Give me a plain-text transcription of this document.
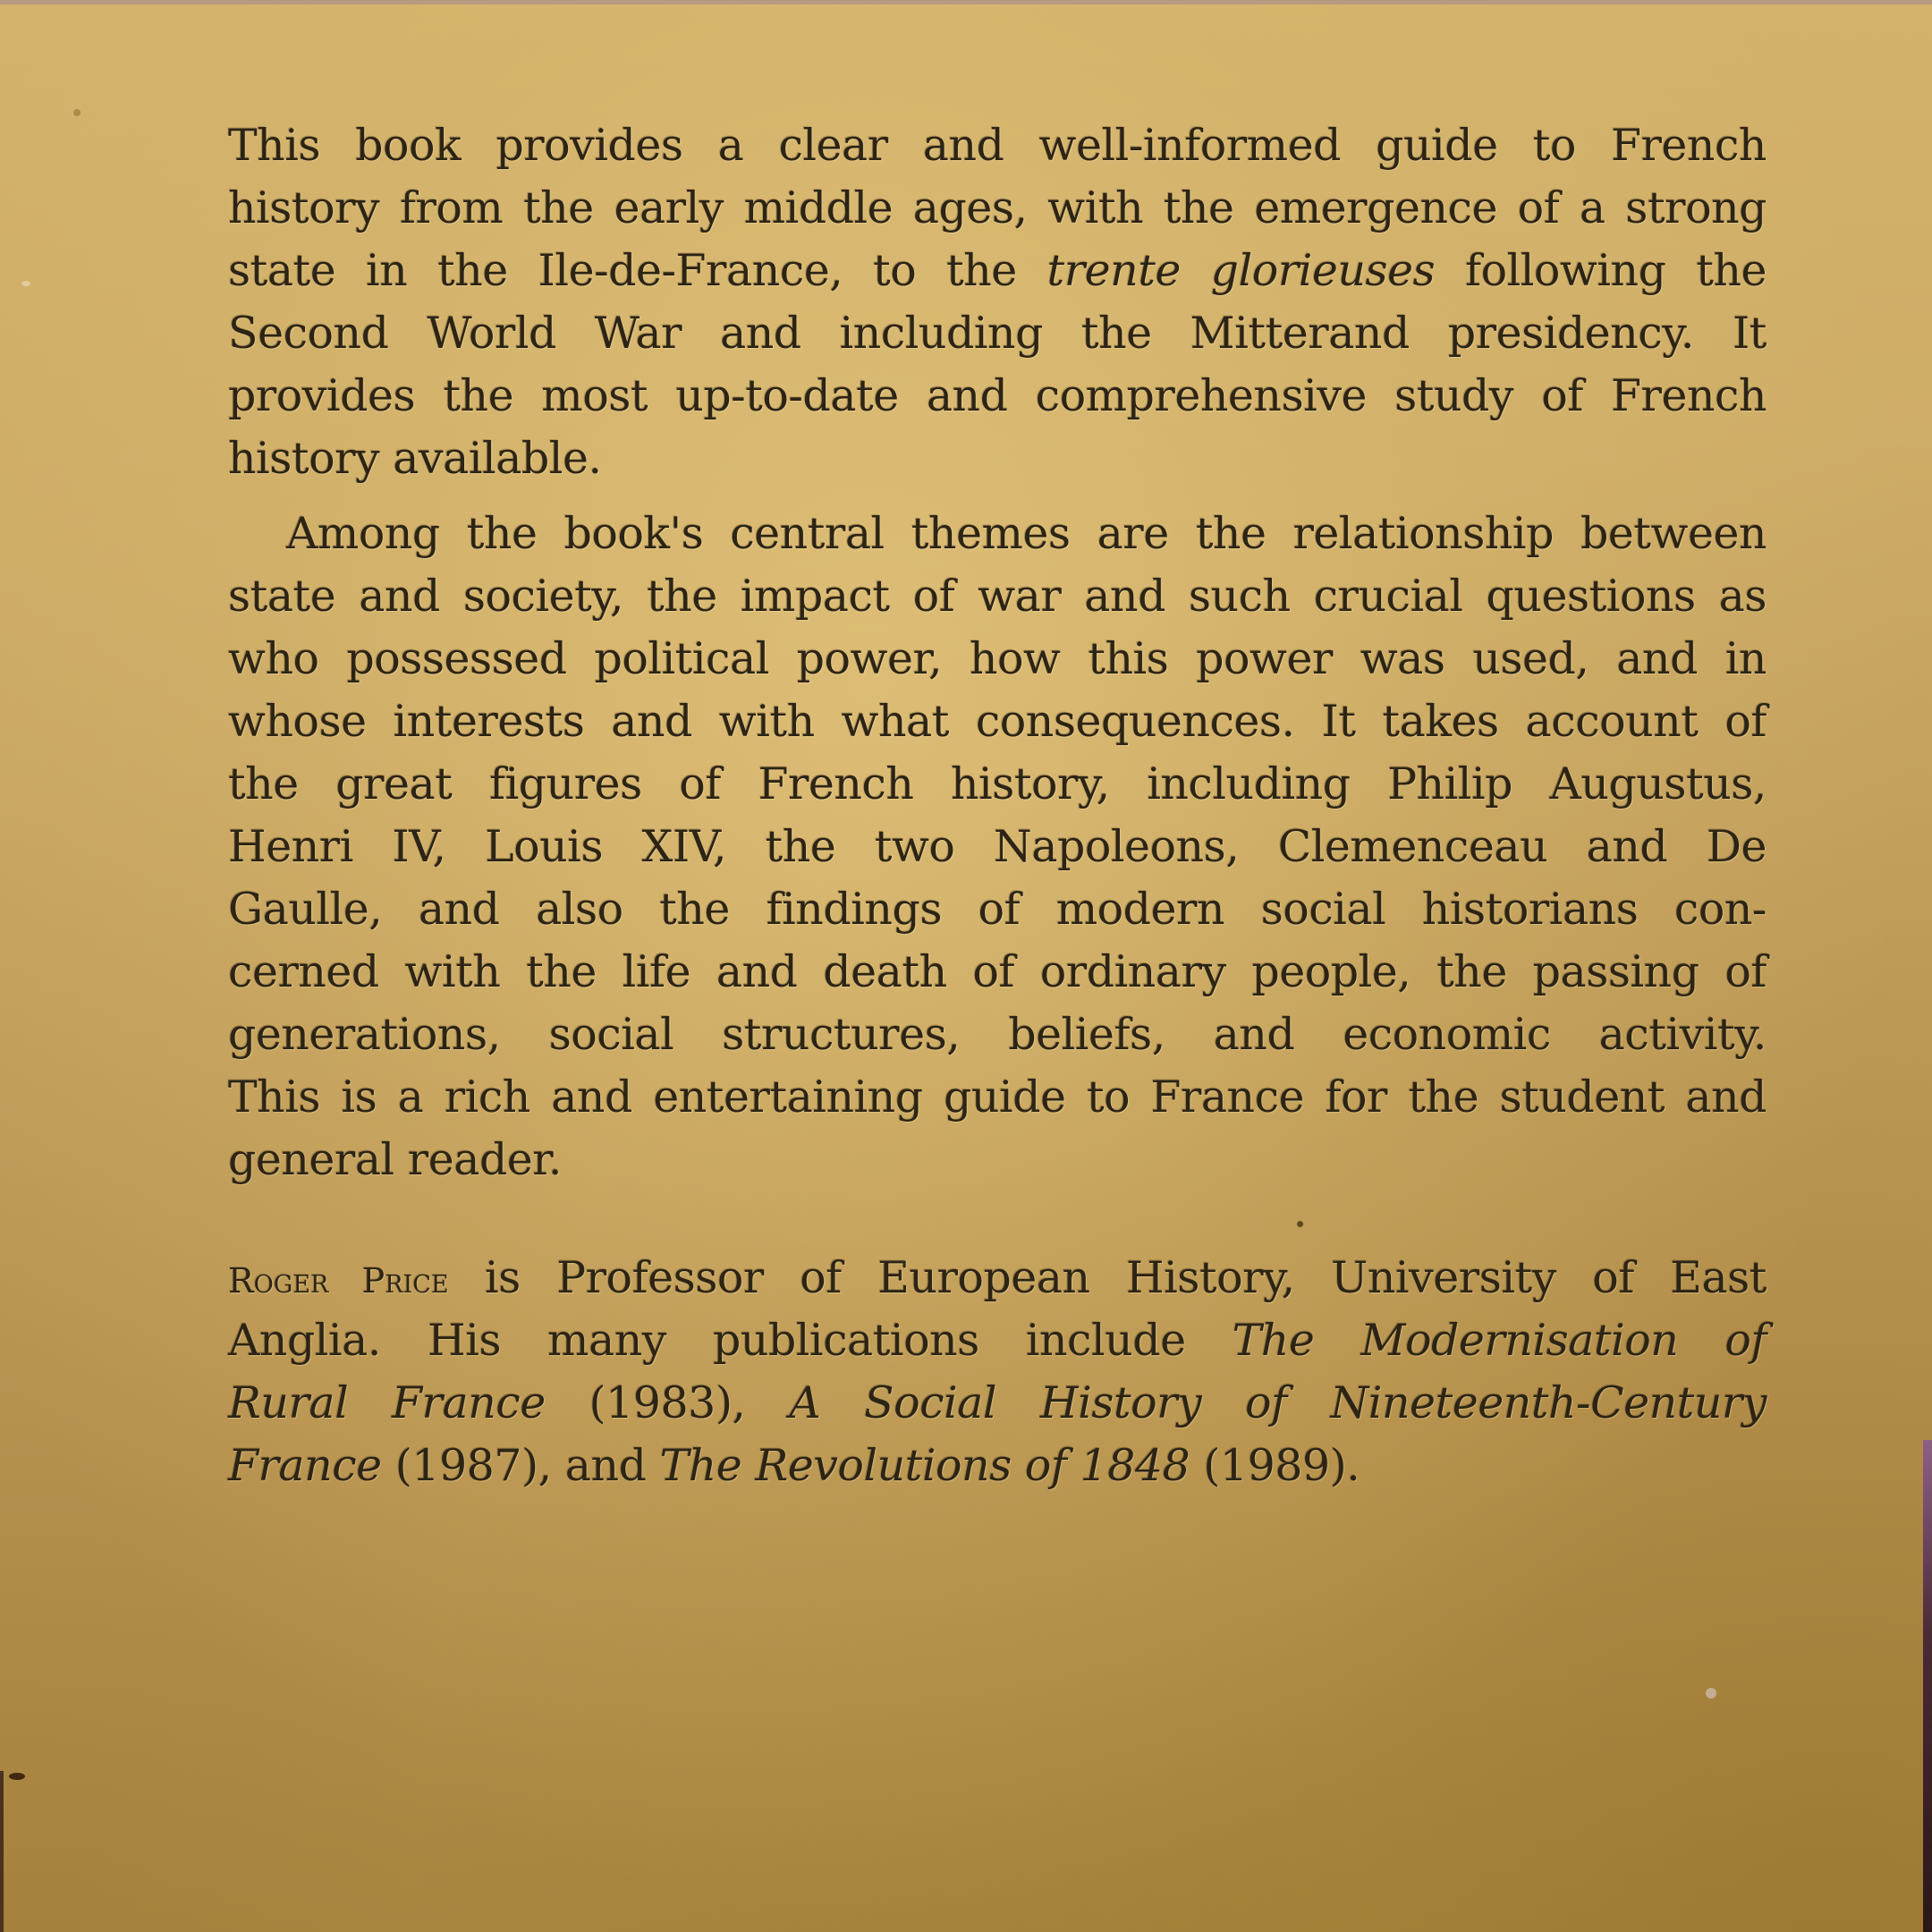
This book provides a clear and well-informed guide to French
history from the early middle ages, with the emergence of a strong
state in the Ile-de-France, to the trente glorieuses following the
Second World War and including the Mitterand presidency. It
provides the most up-to-date and comprehensive study of French
history available.
Among the book's central themes are the relationship between
state and society, the impact of war and such crucial questions as
who possessed political power, how this power was used, and in
whose interests and with what consequences. It takes account of
the great figures of French history, including Philip Augustus,
Henri IV, Louis XIV, the two Napoleons, Clemenceau and De
Gaulle, and also the findings of modern social historians con-
cerned with the life and death of ordinary people, the passing of
generations, social structures, beliefs, and economic activity.
This is a rich and entertaining guide to France for the student and
general reader.
Roger Price is Professor of European History, University of East
Anglia. His many publications include The Modernisation of
Rural France (1983), A Social History of Nineteenth-Century
France (1987), and The Revolutions of 1848 (1989).
